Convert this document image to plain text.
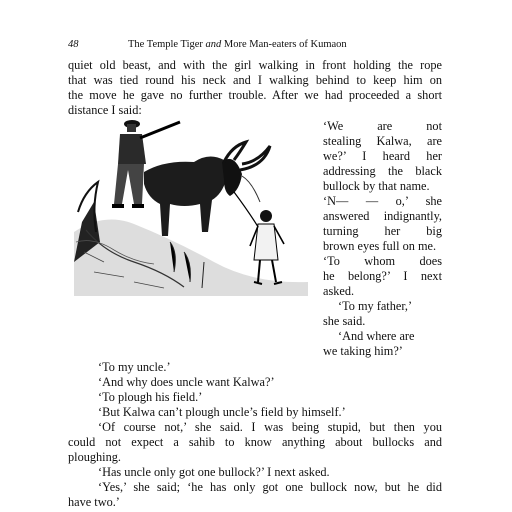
48	The Temple Tiger and More Man-eaters of Kumaon
quiet old beast, and with the girl walking in front holding the rope
that was tied round his neck and I walking behind to keep him on
the move he gave no further trouble. After we had proceeded a short
distance I said:
‘We are not
stealing Kalwa, are
we?’ I heard her
addressing the black
bullock by that name.
‘N— — o,’ she
answered indignantly,
turning her big
brown eyes full on me.
‘To whom does
he belong?’ I next
asked.
‘To my father,’
she said.
‘And where are
we taking him?’
‘To my uncle.’
‘And why does uncle want Kalwa?’
‘To plough his field.’
‘But Kalwa can’t plough uncle’s field by himself.’
‘Of course not,’ she said. I was being stupid, but then you
could not expect a sahib to know anything about bullocks and
ploughing.
‘Has uncle only got one bullock?’ I next asked.
‘Yes,’ she said; ‘he has only got one bullock now, but he did
have two.’
